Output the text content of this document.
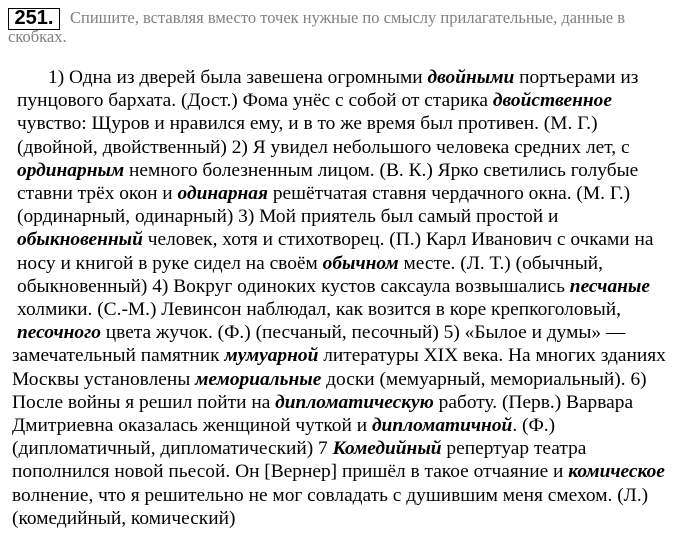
251.	Спишите, вставляя вместо точек нужные по смыслу прилагательные, данные в
скобках.
1) Одна из дверей была завешена огромными двойными портьерами из
пунцового бархата. (Дост.) Фома унёс с собой от старика двойственное
чувство: Щуров и нравился ему, и в то же время был противен. (М. Г.)
(двойной, двойственный) 2) Я увидел небольшого человека средних лет, с
ординарным немного болезненным лицом. (В. К.) Ярко светились голубые
ставни трёх окон и одинарная решётчатая ставня чердачного окна. (М. Г.)
(ординарный, одинарный) 3) Мой приятель был самый простой и
обыкновенный человек, хотя и стихотворец. (П.) Карл Иванович с очками на
носу и книгой в руке сидел на своём обычном месте. (Л. Т.) (обычный,
обыкновенный) 4) Вокруг одиноких кустов саксаула возвышались песчаные
холмики. (С.-М.) Левинсон наблюдал, как возится в коре крепкоголовый,
песочного цвета жучок. (Ф.) (песчаный, песочный) 5) «Былое и думы» —
замечательный памятник мумуарной литературы XIX века. На многих зданиях
Москвы установлены мемориальные доски (мемуарный, мемориальный). 6)
После войны я решил пойти на дипломатическую работу. (Перв.) Варвара
Дмитриевна оказалась женщиной чуткой и дипломатичной. (Ф.)
(дипломатичный, дипломатический) 7 Комедийный репертуар театра
пополнился новой пьесой. Он [Вернер] пришёл в такое отчаяние и комическое
волнение, что я решительно не мог совладать с душившим меня смехом. (Л.)
(комедийный, комический)
